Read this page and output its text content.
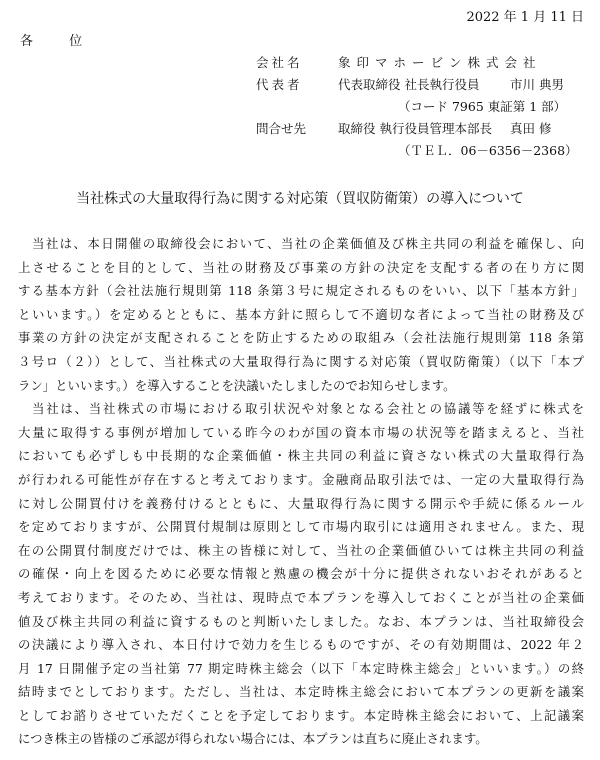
2022 年 1 月 11 日
各 位
会社名	象印マホービン株式会社
代表者	代表取締役 社長執行役員 市川 典男
（コード 7965 東証第 1 部）
問合せ先	取締役 執行役員管理本部長 真田 修
（ＴＥＬ．06－6356－2368）
当社株式の大量取得行為に関する対応策（買収防衛策）の導入について
当社は、本日開催の取締役会において、当社の企業価値及び株主共同の利益を確保し、向
上させることを目的として、当社の財務及び事業の方針の決定を支配する者の在り方に関
する基本方針（会社法施行規則第 118 条第３号に規定されるものをいい、以下「基本方針」
といいます。）を定めるとともに、基本方針に照らして不適切な者によって当社の財務及び
事業の方針の決定が支配されることを防止するための取組み（会社法施行規則第 118 条第
３号ロ（２））として、当社株式の大量取得行為に関する対応策（買収防衛策）（以下「本プ
ラン」といいます。）を導入することを決議いたしましたのでお知らせします。
当社は、当社株式の市場における取引状況や対象となる会社との協議等を経ずに株式を
大量に取得する事例が増加している昨今のわが国の資本市場の状況等を踏まえると、当社
においても必ずしも中長期的な企業価値・株主共同の利益に資さない株式の大量取得行為
が行われる可能性が存在すると考えております。金融商品取引法では、一定の大量取得行為
に対し公開買付けを義務付けるとともに、大量取得行為に関する開示や手続に係るルール
を定めておりますが、公開買付規制は原則として市場内取引には適用されません。また、現
在の公開買付制度だけでは、株主の皆様に対して、当社の企業価値ひいては株主共同の利益
の確保・向上を図るために必要な情報と熟慮の機会が十分に提供されないおそれがあると
考えております。そのため、当社は、現時点で本プランを導入しておくことが当社の企業価
値及び株主共同の利益に資するものと判断いたしました。なお、本プランは、当社取締役会
の決議により導入され、本日付けで効力を生じるものですが、その有効期間は、2022 年２
月 17 日開催予定の当社第 77 期定時株主総会（以下「本定時株主総会」といいます。）の終
結時までとしております。ただし、当社は、本定時株主総会において本プランの更新を議案
としてお諮りさせていただくことを予定しております。本定時株主総会において、上記議案
につき株主の皆様のご承認が得られない場合には、本プランは直ちに廃止されます。
